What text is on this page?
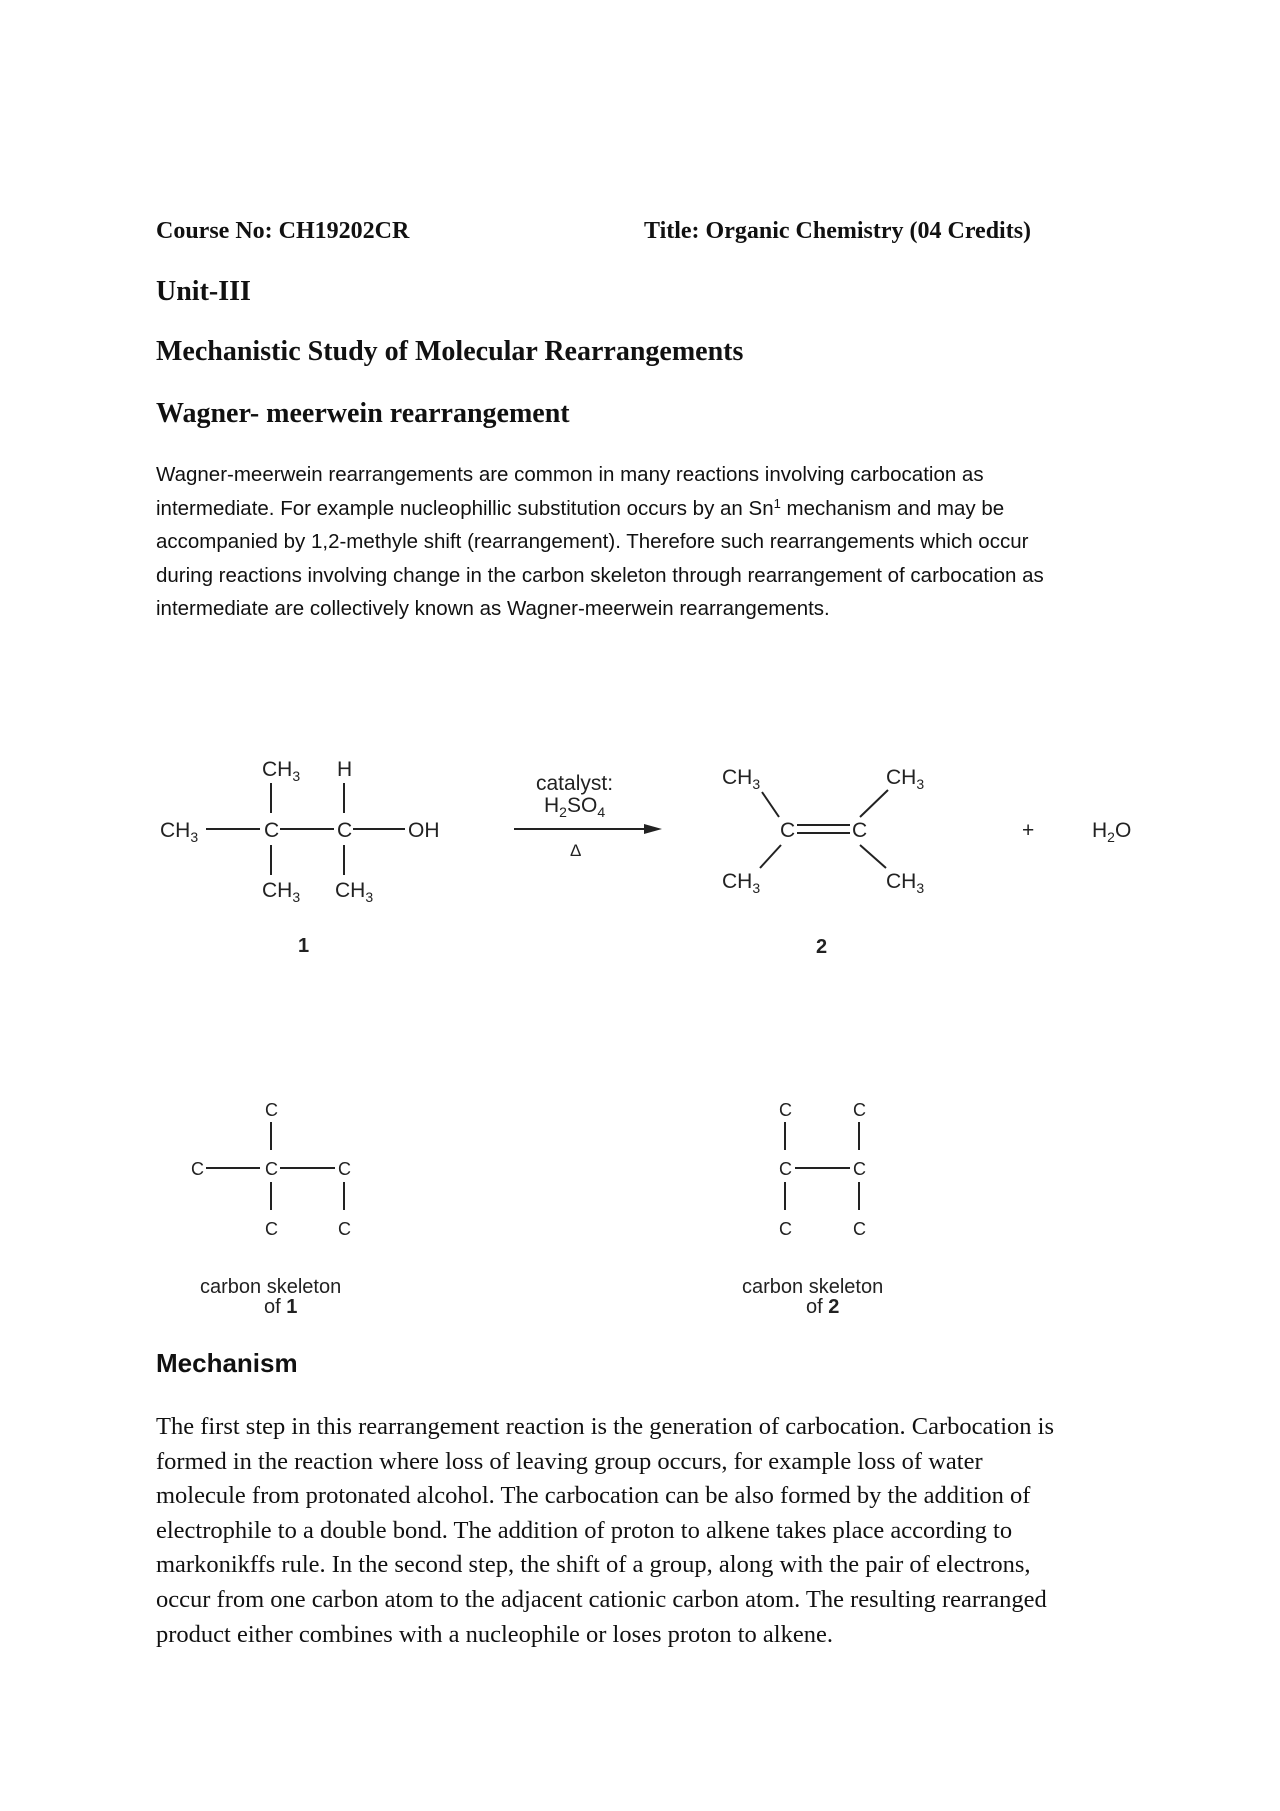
Course No: CH19202CR	Title: Organic Chemistry (04 Credits)
Unit-III
Mechanistic Study of Molecular Rearrangements
Wagner- meerwein rearrangement
Wagner-meerwein rearrangements are common in many reactions involving carbocation as
intermediate. For example nucleophillic substitution occurs by an Sn$^1$ mechanism and may be
accompanied by 1,2-methyle shift (rearrangement). Therefore such rearrangements which occur
during reactions involving change in the carbon skeleton through rearrangement of carbocation as
intermediate are collectively known as Wagner-meerwein rearrangements.
$CH_3$ H
$CH_3$	C	C	OH
$CH_3$ $CH_3$
1
catalyst:
$H_2SO_4$
Δ
$CH_3$	$CH_3$
C	C
$CH_3$	$CH_3$
2
+	$H_2O$
C
C	C	C
C	C
carbon skeleton
of 1
C	C
C	C
C	C
carbon skeleton
of 2
Mechanism
The first step in this rearrangement reaction is the generation of carbocation. Carbocation is
formed in the reaction where loss of leaving group occurs, for example loss of water
molecule from protonated alcohol. The carbocation can be also formed by the addition of
electrophile to a double bond. The addition of proton to alkene takes place according to
markonikffs rule. In the second step, the shift of a group, along with the pair of electrons,
occur from one carbon atom to the adjacent cationic carbon atom. The resulting rearranged
product either combines with a nucleophile or loses proton to alkene.
